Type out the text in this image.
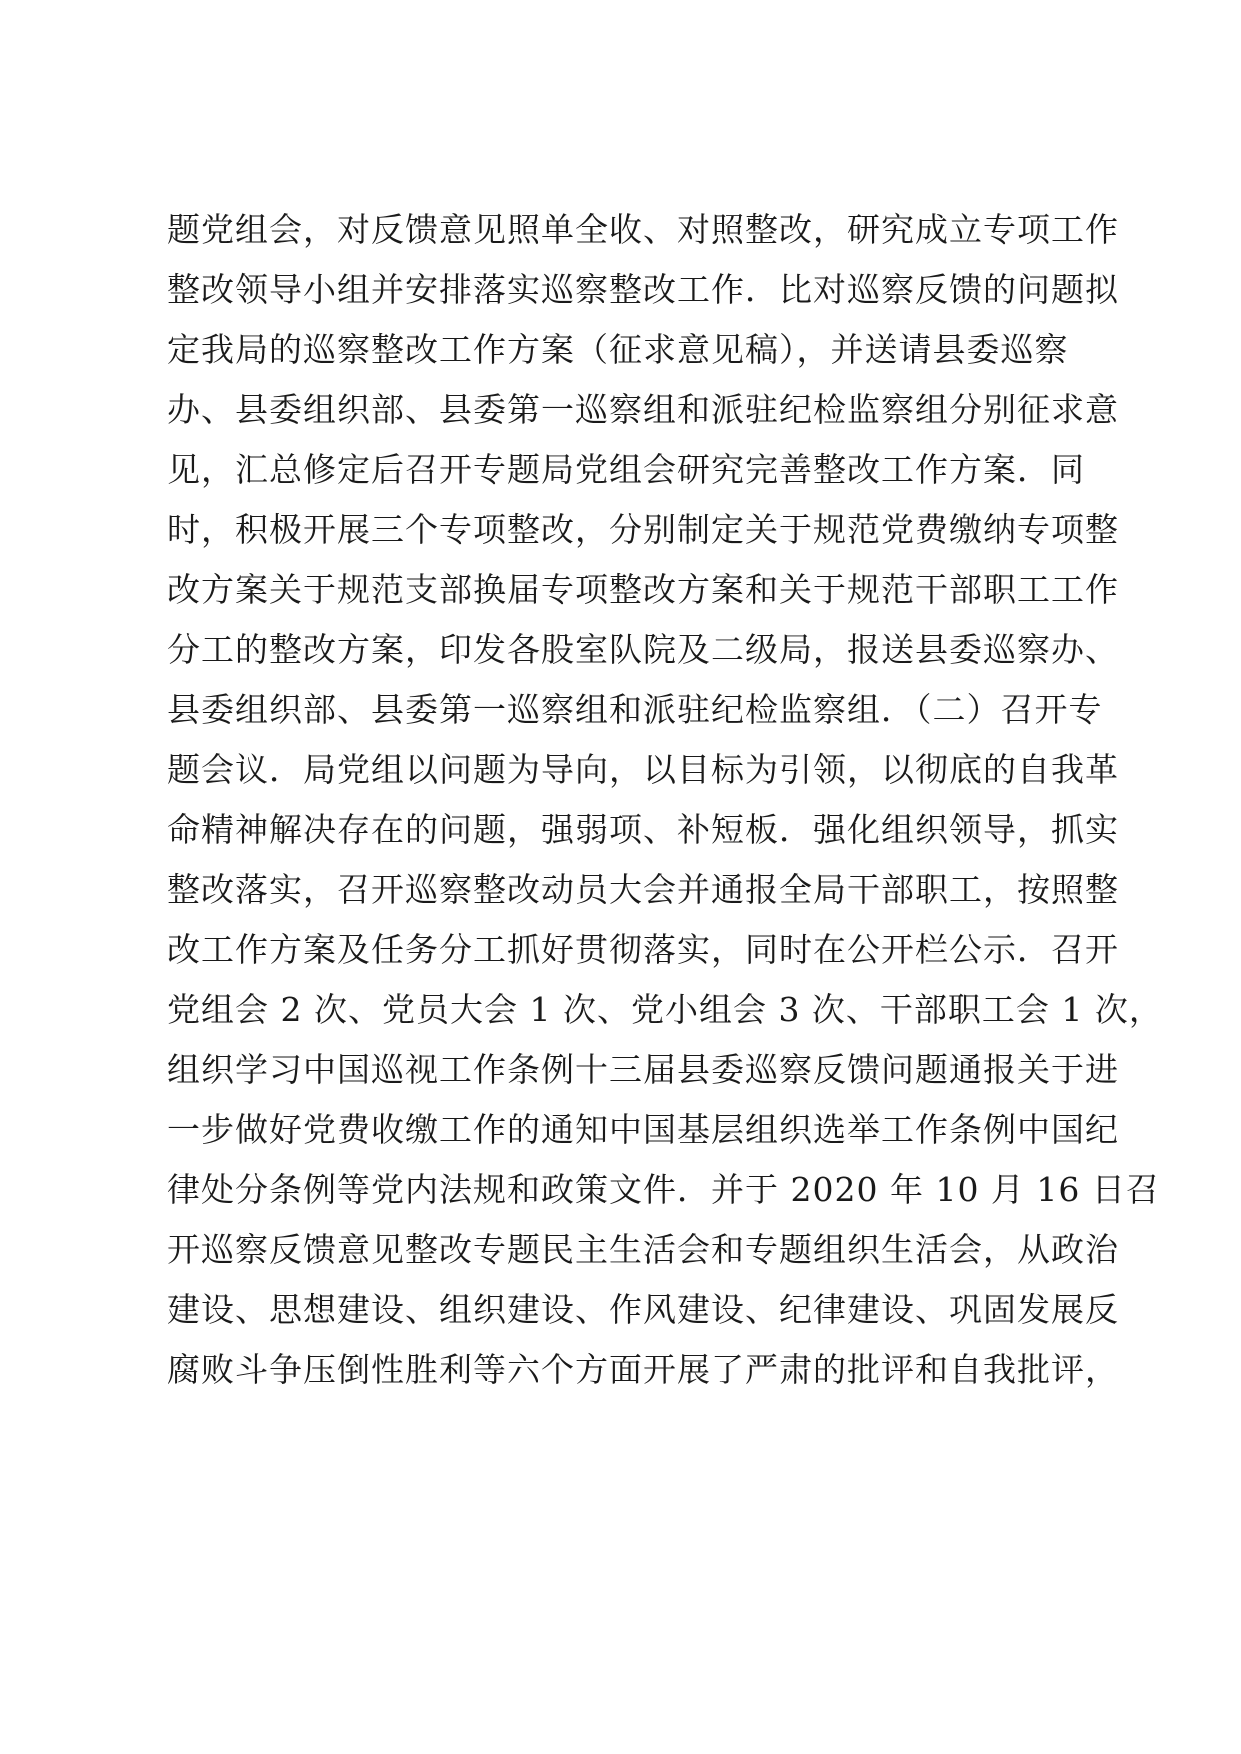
题党组会，对反馈意见照单全收、对照整改，研究成立专项工作
整改领导小组并安排落实巡察整改工作．比对巡察反馈的问题拟
定我局的巡察整改工作方案（征求意见稿），并送请县委巡察
办、县委组织部、县委第一巡察组和派驻纪检监察组分别征求意
见，汇总修定后召开专题局党组会研究完善整改工作方案．同
时，积极开展三个专项整改，分别制定关于规范党费缴纳专项整
改方案关于规范支部换届专项整改方案和关于规范干部职工工作
分工的整改方案，印发各股室队院及二级局，报送县委巡察办、
县委组织部、县委第一巡察组和派驻纪检监察组．（二）召开专
题会议．局党组以问题为导向，以目标为引领，以彻底的自我革
命精神解决存在的问题，强弱项、补短板．强化组织领导，抓实
整改落实，召开巡察整改动员大会并通报全局干部职工，按照整
改工作方案及任务分工抓好贯彻落实，同时在公开栏公示．召开
党组会 2 次、党员大会 1 次、党小组会 3 次、干部职工会 1 次，
组织学习中国巡视工作条例十三届县委巡察反馈问题通报关于进
一步做好党费收缴工作的通知中国基层组织选举工作条例中国纪
律处分条例等党内法规和政策文件．并于 2020 年 10 月 16 日召
开巡察反馈意见整改专题民主生活会和专题组织生活会，从政治
建设、思想建设、组织建设、作风建设、纪律建设、巩固发展反
腐败斗争压倒性胜利等六个方面开展了严肃的批评和自我批评，
